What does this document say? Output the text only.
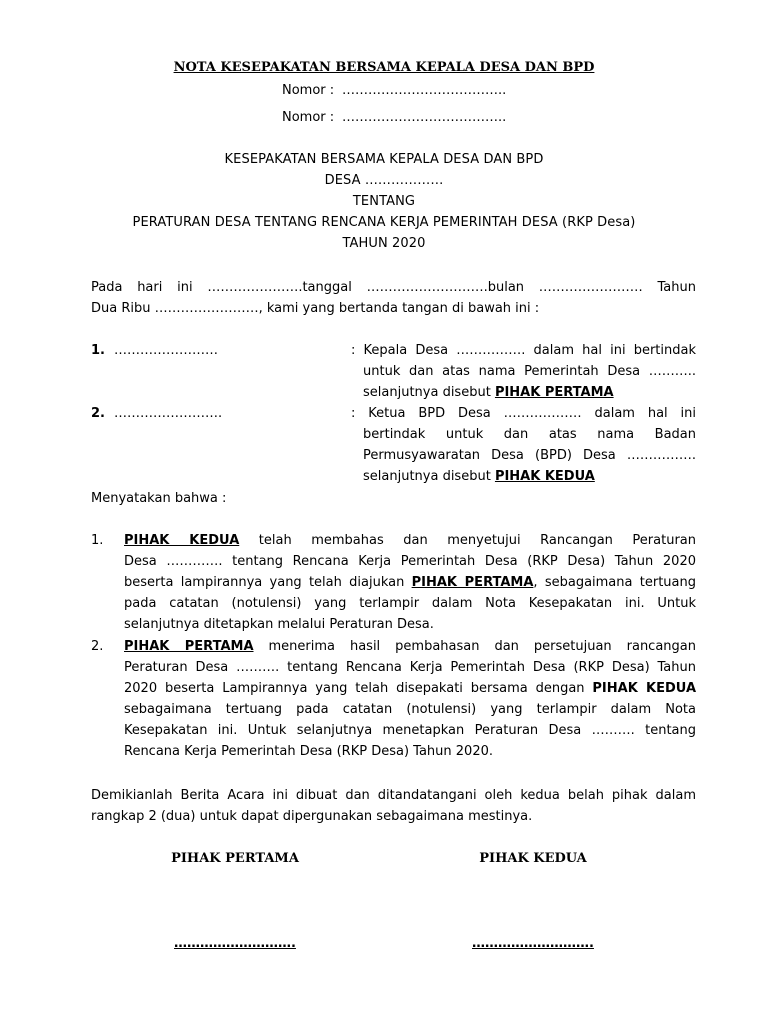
NOTA KESEPAKATAN BERSAMA KEPALA DESA DAN BPD
Nomor : ………………………………..
Nomor : ………………………………..
KESEPAKATAN BERSAMA KEPALA DESA DAN BPD
DESA ………………
TENTANG
PERATURAN DESA TENTANG RENCANA KERJA PEMERINTAH DESA (RKP Desa)
TAHUN 2020
Pada hari ini ………………….tanggal ……………………….bulan …………………… Tahun
Dua Ribu ……………………, kami yang bertanda tangan di bawah ini :
1. ……………………	: Kepala Desa ……………. dalam hal ini bertindak
untuk dan atas nama Pemerintah Desa ………..
selanjutnya disebut PIHAK PERTAMA
2. …………………….	: Ketua BPD Desa ……………… dalam hal ini
bertindak untuk dan atas nama Badan
Permusyawaratan Desa (BPD) Desa …………….
selanjutnya disebut PIHAK KEDUA
Menyatakan bahwa :
1. PIHAK KEDUA telah membahas dan menyetujui Rancangan Peraturan
Desa …………. tentang Rencana Kerja Pemerintah Desa (RKP Desa) Tahun 2020
beserta lampirannya yang telah diajukan PIHAK PERTAMA, sebagaimana tertuang
pada catatan (notulensi) yang terlampir dalam Nota Kesepakatan ini. Untuk
selanjutnya ditetapkan melalui Peraturan Desa.
2. PIHAK PERTAMA menerima hasil pembahasan dan persetujuan rancangan
Peraturan Desa ………. tentang Rencana Kerja Pemerintah Desa (RKP Desa) Tahun
2020 beserta Lampirannya yang telah disepakati bersama dengan PIHAK KEDUA
sebagaimana tertuang pada catatan (notulensi) yang terlampir dalam Nota
Kesepakatan ini. Untuk selanjutnya menetapkan Peraturan Desa ………. tentang
Rencana Kerja Pemerintah Desa (RKP Desa) Tahun 2020.
Demikianlah Berita Acara ini dibuat dan ditandatangani oleh kedua belah pihak dalam
rangkap 2 (dua) untuk dapat dipergunakan sebagaimana mestinya.
PIHAK PERTAMA	PIHAK KEDUA
……………………….	……………………….
